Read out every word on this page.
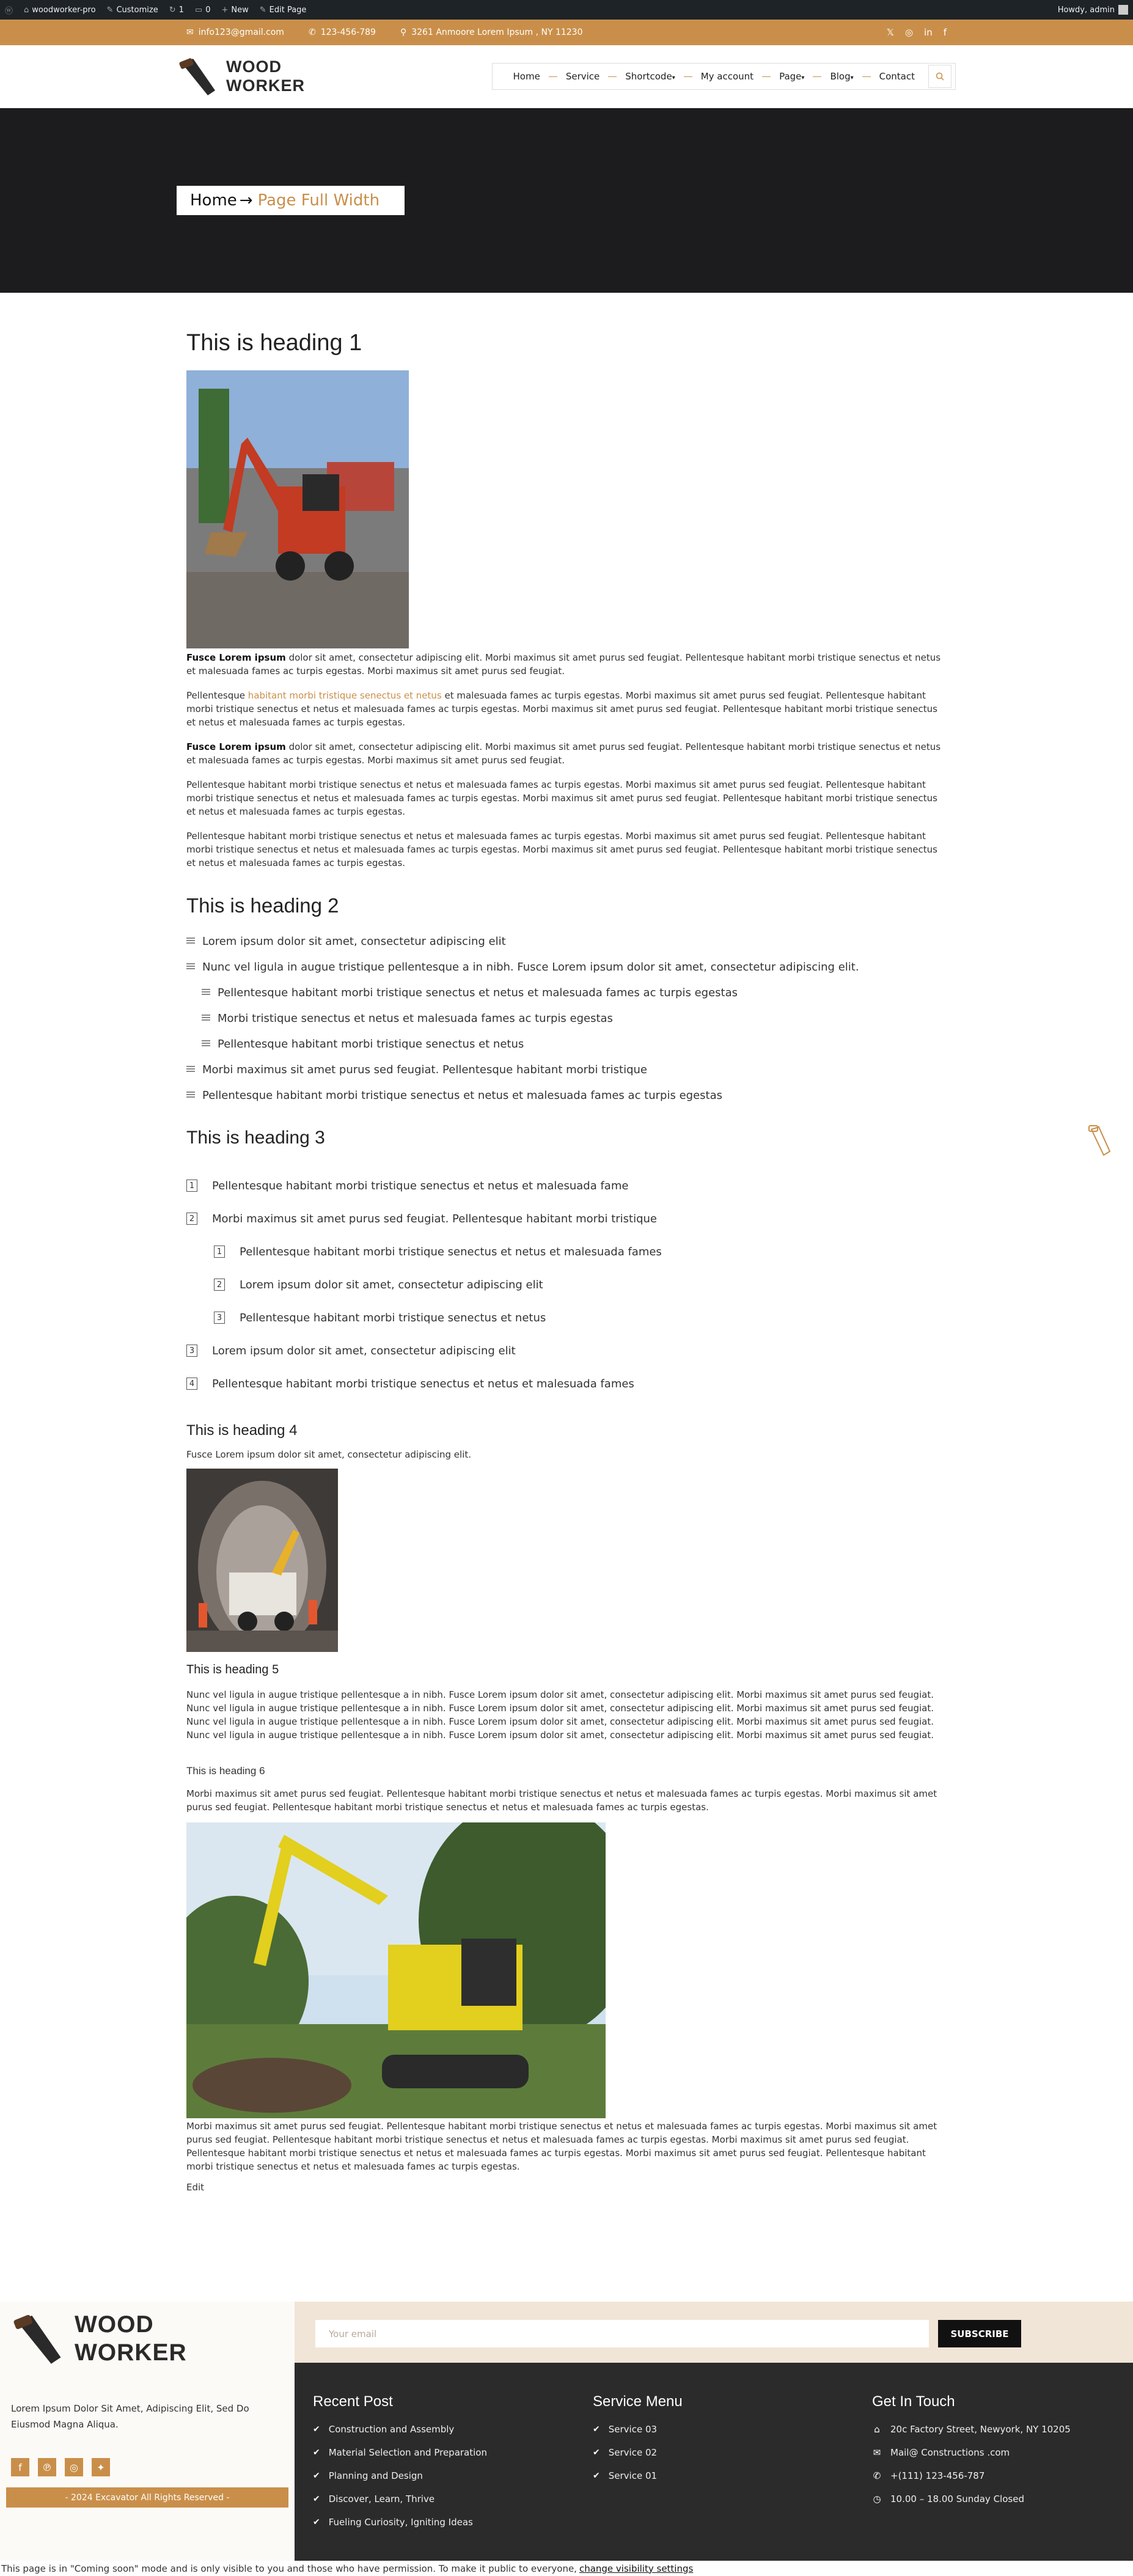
ⓦ ⌂ woodworker-pro ✎ Customize ↻ 1 ▭ 0 + New ✎ Edit Page	Howdy, admin
✉ info123@gmail.com	✆ 123-456-789	⚲ 3261 Anmoore Lorem Ipsum , NY 11230	𝕏 ◎ in f
WOOD
WORKER	Home	Service	Shortcode▾	My account	Page▾	Blog▾	Contact
Home → Page Full Width
This is heading 1

Fusce Lorem ipsum dolor sit amet, consectetur adipiscing elit. Morbi maximus sit amet purus sed feugiat. Pellentesque habitant morbi tristique senectus et netus et malesuada fames ac turpis egestas. Morbi maximus sit amet purus sed feugiat.

Pellentesque habitant morbi tristique senectus et netus et malesuada fames ac turpis egestas. Morbi maximus sit amet purus sed feugiat. Pellentesque habitant morbi tristique senectus et netus et malesuada fames ac turpis egestas. Morbi maximus sit amet purus sed feugiat. Pellentesque habitant morbi tristique senectus et netus et malesuada fames ac turpis egestas.

Fusce Lorem ipsum dolor sit amet, consectetur adipiscing elit. Morbi maximus sit amet purus sed feugiat. Pellentesque habitant morbi tristique senectus et netus et malesuada fames ac turpis egestas. Morbi maximus sit amet purus sed feugiat.

Pellentesque habitant morbi tristique senectus et netus et malesuada fames ac turpis egestas. Morbi maximus sit amet purus sed feugiat. Pellentesque habitant morbi tristique senectus et netus et malesuada fames ac turpis egestas. Morbi maximus sit amet purus sed feugiat. Pellentesque habitant morbi tristique senectus et netus et malesuada fames ac turpis egestas.

Pellentesque habitant morbi tristique senectus et netus et malesuada fames ac turpis egestas. Morbi maximus sit amet purus sed feugiat. Pellentesque habitant morbi tristique senectus et netus et malesuada fames ac turpis egestas. Morbi maximus sit amet purus sed feugiat. Pellentesque habitant morbi tristique senectus et netus et malesuada fames ac turpis egestas.

This is heading 2
Lorem ipsum dolor sit amet, consectetur adipiscing elit
Nunc vel ligula in augue tristique pellentesque a in nibh. Fusce Lorem ipsum dolor sit amet, consectetur adipiscing elit.
Pellentesque habitant morbi tristique senectus et netus et malesuada fames ac turpis egestas
Morbi tristique senectus et netus et malesuada fames ac turpis egestas
Pellentesque habitant morbi tristique senectus et netus
Morbi maximus sit amet purus sed feugiat. Pellentesque habitant morbi tristique
Pellentesque habitant morbi tristique senectus et netus et malesuada fames ac turpis egestas
This is heading 3
1 Pellentesque habitant morbi tristique senectus et netus et malesuada fame
2 Morbi maximus sit amet purus sed feugiat. Pellentesque habitant morbi tristique
1 Pellentesque habitant morbi tristique senectus et netus et malesuada fames
2 Lorem ipsum dolor sit amet, consectetur adipiscing elit
3 Pellentesque habitant morbi tristique senectus et netus
3 Lorem ipsum dolor sit amet, consectetur adipiscing elit
4 Pellentesque habitant morbi tristique senectus et netus et malesuada fames
This is heading 4

Fusce Lorem ipsum dolor sit amet, consectetur adipiscing elit.

This is heading 5

Nunc vel ligula in augue tristique pellentesque a in nibh. Fusce Lorem ipsum dolor sit amet, consectetur adipiscing elit. Morbi maximus sit amet purus sed feugiat. Nunc vel ligula in augue tristique pellentesque a in nibh. Fusce Lorem ipsum dolor sit amet, consectetur adipiscing elit. Morbi maximus sit amet purus sed feugiat.

Nunc vel ligula in augue tristique pellentesque a in nibh. Fusce Lorem ipsum dolor sit amet, consectetur adipiscing elit. Morbi maximus sit amet purus sed feugiat. Nunc vel ligula in augue tristique pellentesque a in nibh. Fusce Lorem ipsum dolor sit amet, consectetur adipiscing elit. Morbi maximus sit amet purus sed feugiat.

This is heading 6

Morbi maximus sit amet purus sed feugiat. Pellentesque habitant morbi tristique senectus et netus et malesuada fames ac turpis egestas. Morbi maximus sit amet purus sed feugiat. Pellentesque habitant morbi tristique senectus et netus et malesuada fames ac turpis egestas.

Morbi maximus sit amet purus sed feugiat. Pellentesque habitant morbi tristique senectus et netus et malesuada fames ac turpis egestas. Morbi maximus sit amet purus sed feugiat. Pellentesque habitant morbi tristique senectus et netus et malesuada fames ac turpis egestas. Morbi maximus sit amet purus sed feugiat. Pellentesque habitant morbi tristique senectus et netus et malesuada fames ac turpis egestas. Morbi maximus sit amet purus sed feugiat. Pellentesque habitant morbi tristique senectus et netus et malesuada fames ac turpis egestas.

Edit

WOOD
WORKER

Lorem Ipsum Dolor Sit Amet, Adipiscing Elit, Sed Do Eiusmod Magna Aliqua.

f	℗	◎	✦
- 2024 Excavator All Rights Reserved -
Your email	SUBSCRIBE
Recent Post
✔ Construction and Assembly
✔ Material Selection and Preparation
✔ Planning and Design
✔ Discover, Learn, Thrive
✔ Fueling Curiosity, Igniting Ideas
Service Menu
✔ Service 03
✔ Service 02
✔ Service 01
Get In Touch
⌂ 20c Factory Street, Newyork, NY 10205
✉ Mail@ Constructions .com
✆ +(111) 123-456-787
◷ 10.00 – 18.00 Sunday Closed
This page is in "Coming soon" mode and is only visible to you and those who have permission. To make it public to everyone, change visibility settings
